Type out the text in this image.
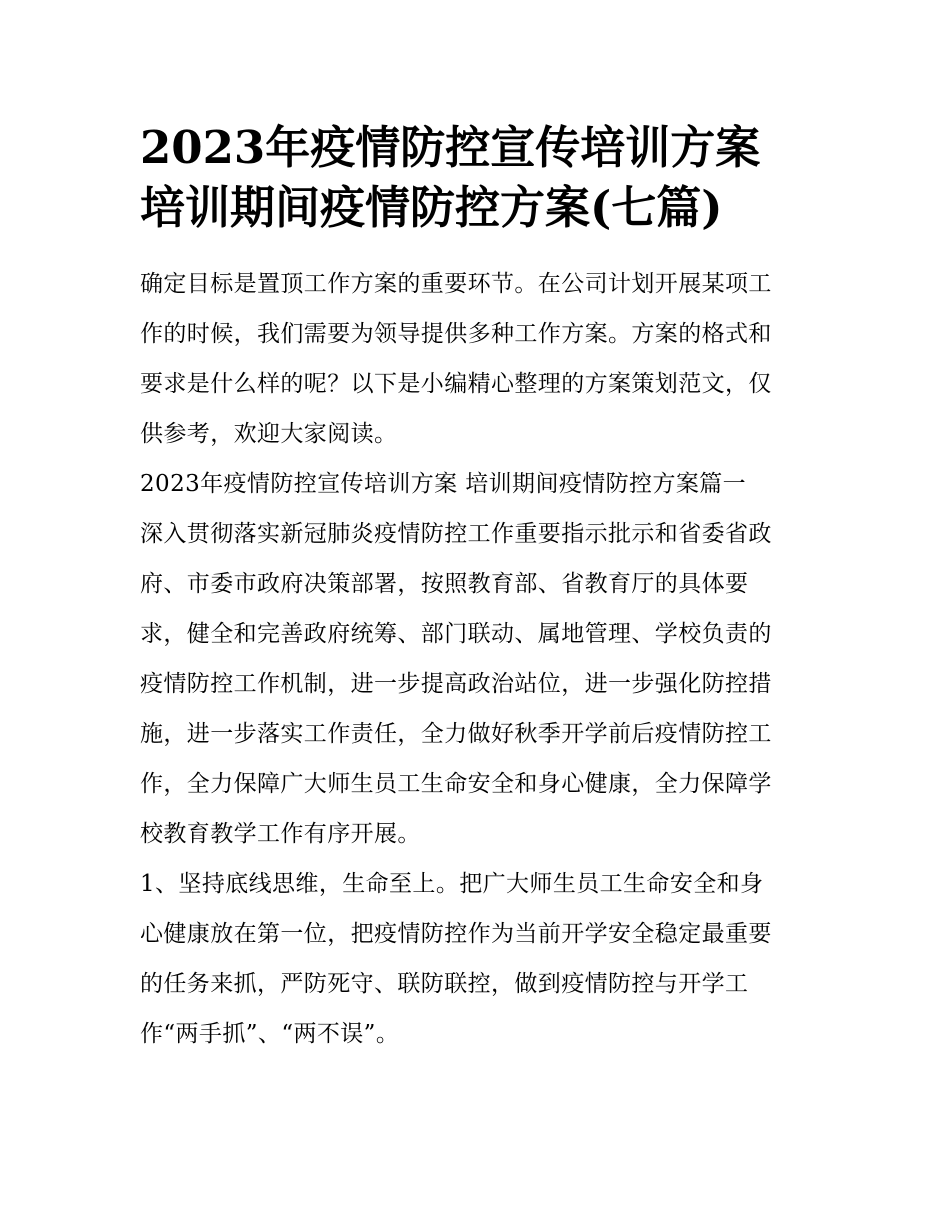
2023年疫情防控宣传培训方案
培训期间疫情防控方案(七篇)

确定目标是置顶工作方案的重要环节。在公司计划开展某项工
作的时候，我们需要为领导提供多种工作方案。方案的格式和
要求是什么样的呢？以下是小编精心整理的方案策划范文，仅
供参考，欢迎大家阅读。

2023年疫情防控宣传培训方案 培训期间疫情防控方案篇一

深入贯彻落实新冠肺炎疫情防控工作重要指示批示和省委省政
府、市委市政府决策部署，按照教育部、省教育厅的具体要
求，健全和完善政府统筹、部门联动、属地管理、学校负责的
疫情防控工作机制，进一步提高政治站位，进一步强化防控措
施，进一步落实工作责任，全力做好秋季开学前后疫情防控工
作，全力保障广大师生员工生命安全和身心健康，全力保障学
校教育教学工作有序开展。

1、坚持底线思维，生命至上。把广大师生员工生命安全和身
心健康放在第一位，把疫情防控作为当前开学安全稳定最重要
的任务来抓，严防死守、联防联控，做到疫情防控与开学工
作“两手抓”、“两不误”。
